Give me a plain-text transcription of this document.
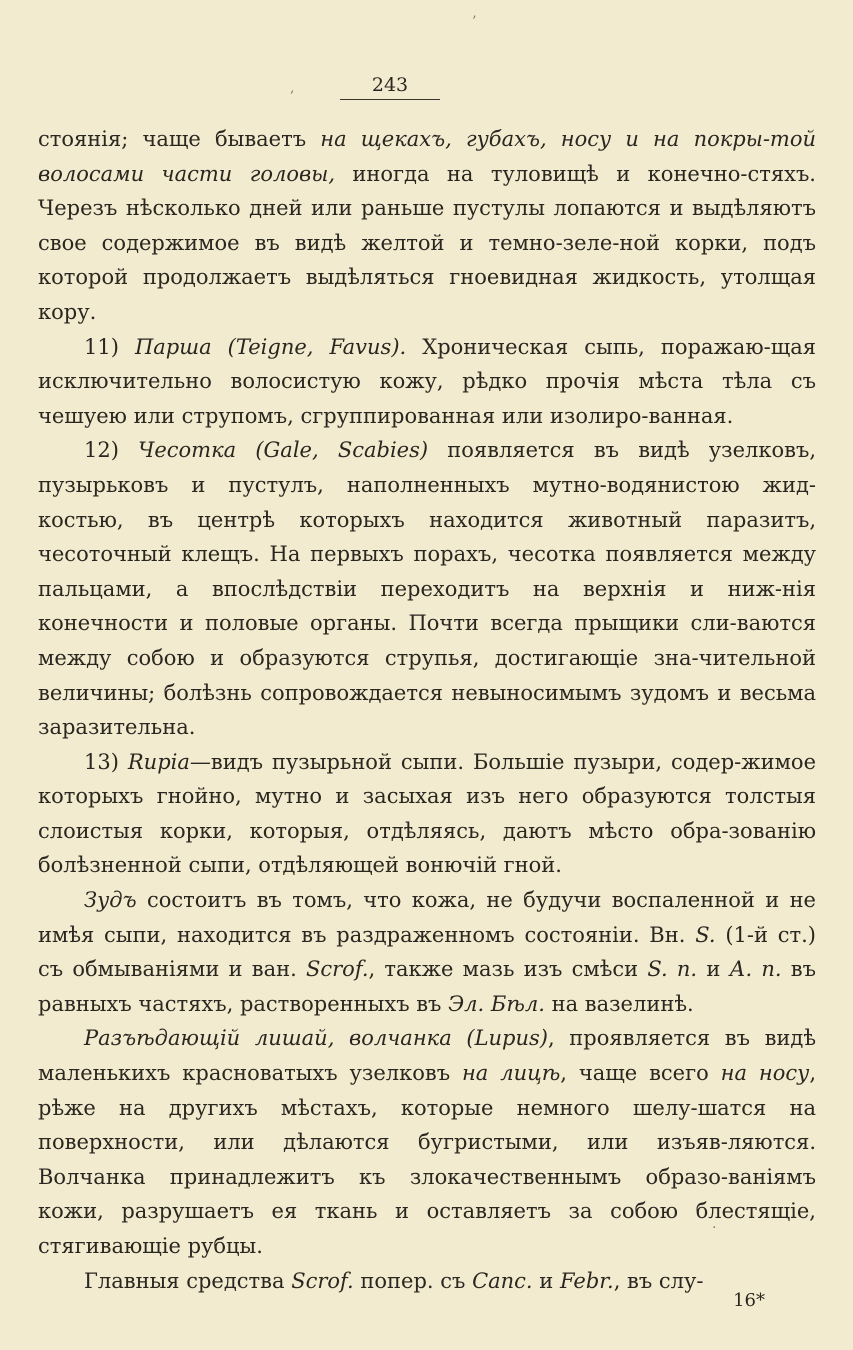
’
,	243

стоянія; чаще бываетъ на щекахъ, губахъ, носу и на покры-той волосами части головы, иногда на туловищѣ и конечно-стяхъ. Черезъ нѣсколько дней или раньше пустулы лопаются и выдѣляютъ свое содержимое въ видѣ желтой и темно-зеле-ной корки, подъ которой продолжаетъ выдѣляться гноевидная жидкость, утолщая кору.

11) Парша (Teigne, Favus). Хроническая сыпь, поражаю-щая исключительно волосистую кожу, рѣдко прочія мѣста тѣла съ чешуею или струпомъ, сгруппированная или изолиро-ванная.

12) Чесотка (Gale, Scabies) появляется въ видѣ узелковъ, пузырьковъ и пустулъ, наполненныхъ мутно-водянистою жид-костью, въ центрѣ которыхъ находится животный паразитъ, чесоточный клещъ. На первыхъ порахъ, чесотка появляется между пальцами, а впослѣдствіи переходитъ на верхнія и ниж-нія конечности и половые органы. Почти всегда прыщики сли-ваются между собою и образуются струпья, достигающіе зна-чительной величины; болѣзнь сопровождается невыносимымъ зудомъ и весьма заразительна.

13) Rupia—видъ пузырьной сыпи. Большіе пузыри, содер-жимое которыхъ гнойно, мутно и засыхая изъ него образуются толстыя слоистыя корки, которыя, отдѣляясь, даютъ мѣсто обра-зованію болѣзненной сыпи, отдѣляющей вонючій гной.

Зудъ состоитъ въ томъ, что кожа, не будучи воспаленной и не имѣя сыпи, находится въ раздраженномъ состояніи. Вн. S. (1-й ст.) съ обмываніями и ван. Scrof., также мазь изъ смѣси S. п. и А. п. въ равныхъ частяхъ, растворенныхъ въ Эл. Бѣл. на вазелинѣ.

Разъѣдающій лишай, волчанка (Lupus), проявляется въ видѣ маленькихъ красноватыхъ узелковъ на лицѣ, чаще всего на носу, рѣже на другихъ мѣстахъ, которые немного шелу-шатся на поверхности, или дѣлаются бугристыми, или изъяв-ляются. Волчанка принадлежитъ къ злокачественнымъ образо-ваніямъ кожи, разрушаетъ ея ткань и оставляетъ за собою блестящіе, стягивающіе рубцы.

Главныя средства Scrof. попер. съ Canc. и Febr., въ слу-

·
16*
